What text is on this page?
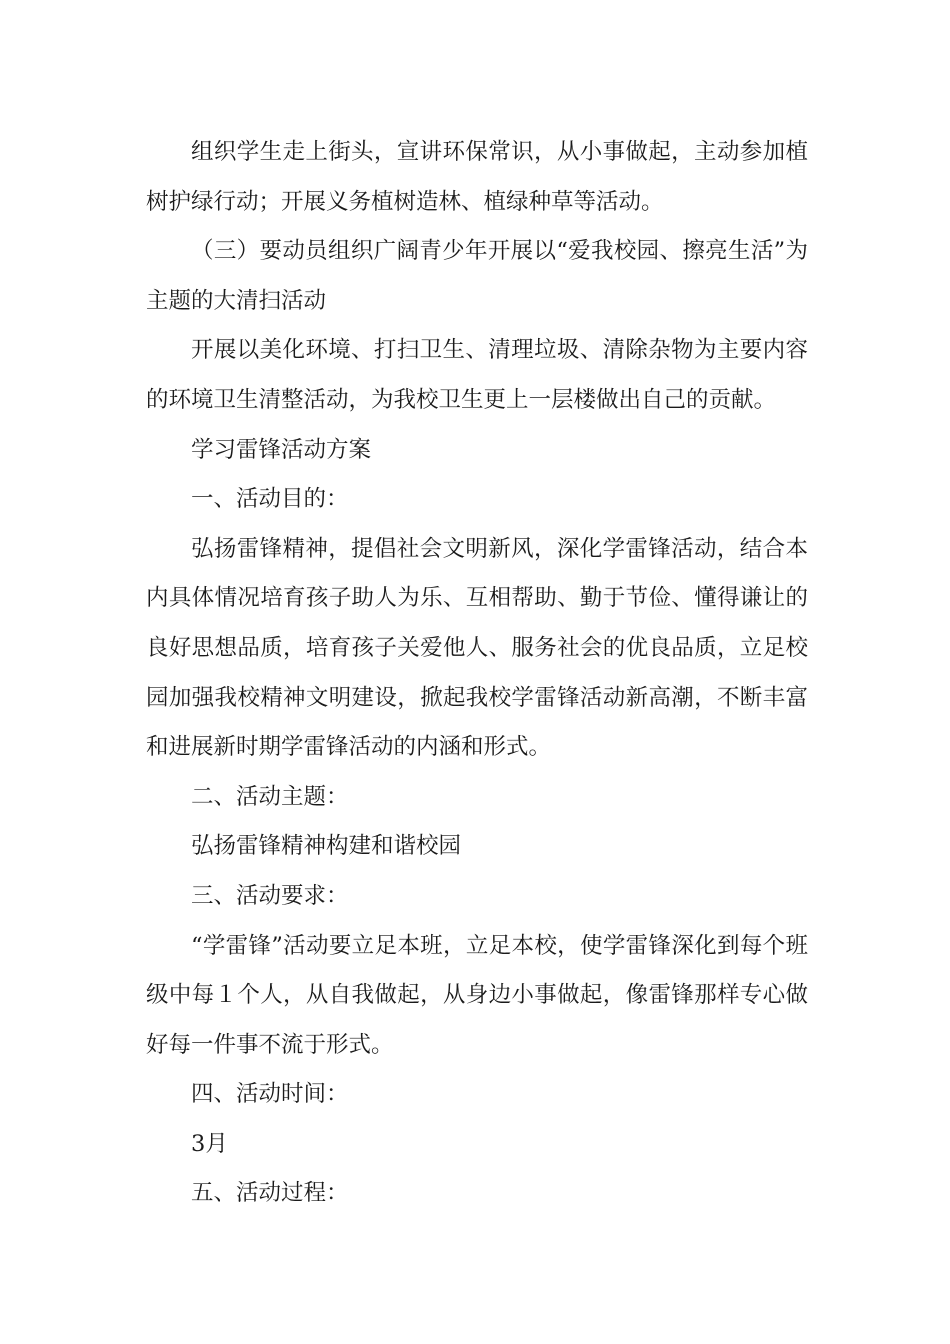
组织学生走上街头，宣讲环保常识，从小事做起，主动参加植树护绿行动；开展义务植树造林、植绿种草等活动。

（三）要动员组织广阔青少年开展以“爱我校园、擦亮生活”为主题的大清扫活动

开展以美化环境、打扫卫生、清理垃圾、清除杂物为主要内容的环境卫生清整活动，为我校卫生更上一层楼做出自己的贡献。

学习雷锋活动方案

一、活动目的：

弘扬雷锋精神，提倡社会文明新风，深化学雷锋活动，结合本内具体情况培育孩子助人为乐、互相帮助、勤于节俭、懂得谦让的良好思想品质，培育孩子关爱他人、服务社会的优良品质，立足校园加强我校精神文明建设，掀起我校学雷锋活动新高潮，不断丰富和进展新时期学雷锋活动的内涵和形式。

二、活动主题：

弘扬雷锋精神构建和谐校园

三、活动要求：

“学雷锋”活动要立足本班，立足本校，使学雷锋深化到每个班级中每１个人，从自我做起，从身边小事做起，像雷锋那样专心做好每一件事不流于形式。

四、活动时间：

3月

五、活动过程：
